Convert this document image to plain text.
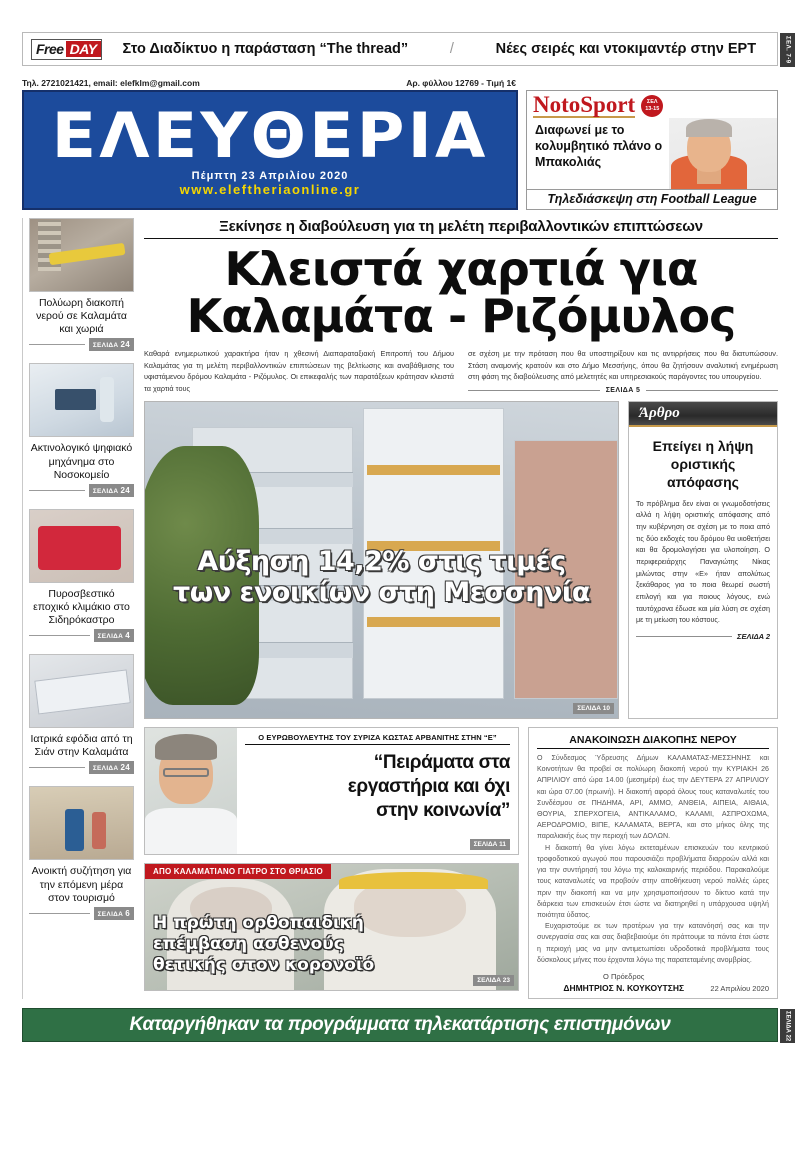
Free DAY Στο Διαδίκτυο η παράσταση “The thread”	/	Νέες σειρές και ντοκιμαντέρ στην ΕΡΤ	ΣΕΛ. 7-9
Τηλ. 2721021421, email: elefklm@gmail.com	Αρ. φύλλου 12769 - Τιμή 1€
ΕΛΕΥΘΕΡΙΑ
Πέμπτη 23 Απριλίου 2020
www.eleftheriaonline.gr
NotoSport ΣΕΛ
13-15
Διαφωνεί με το κολυμβητικό πλάνο ο Μπακολιάς
Τηλεδιάσκεψη στη Football League
Πολύωρη διακοπή νερού σε Καλαμάτα και χωριά
ΣΕΛΙΔΑ 24
Ακτινολογικό ψηφιακό μηχάνημα στο Νοσοκομείο
ΣΕΛΙΔΑ 24
Πυροσβεστικό εποχικό κλιμάκιο στο Σιδηρόκαστρο
ΣΕΛΙΔΑ 4
Ιατρικά εφόδια από τη Σιάν στην Καλαμάτα
ΣΕΛΙΔΑ 24
Ανοικτή συζήτηση για την επόμενη μέρα στον τουρισμό
ΣΕΛΙΔΑ 6
Ξεκίνησε η διαβούλευση για τη μελέτη περιβαλλοντικών επιπτώσεων
Κλειστά χαρτιά για
Καλαμάτα - Ριζόμυλος
Καθαρά ενημερωτικού χαρακτήρα ήταν η χθεσινή Διαπαραταξιακή Επιτροπή του Δήμου Καλαμάτας για τη μελέτη περιβαλλοντικών επιπτώσεων της βελτίωσης και αναβάθμισης του υφιστάμενου δρόμου Καλαμάτα - Ριζόμυλος. Οι επικεφαλής των παρατάξεων κράτησαν κλειστά τα χαρτιά τους
σε σχέση με την πρόταση που θα υποστηρίξουν και τις αντιρρήσεις που θα διατυπώσουν. Στάση αναμονής κρατούν και στο Δήμο Μεσσήνης, όπου θα ζητήσουν αναλυτική ενημέρωση στη φάση της διαβούλευσης από μελετητές και υπηρεσιακούς παράγοντες του υπουργείου.
ΣΕΛΙΔΑ 5
Αύξηση 14,2% στις τιμές
των ενοικίων στη Μεσσηνία
ΣΕΛΙΔΑ 10
Άρθρο
Επείγει η λήψη οριστικής απόφασης
Το πρόβλημα δεν είναι οι γνωμοδοτήσεις αλλά η λήψη οριστικής απόφασης από την κυβέρνηση σε σχέση με το ποια από τις δύο εκδοχές του δρόμου θα υιοθετήσει και θα δρομολογήσει για υλοποίηση. Ο περιφερειάρχης Παναγιώτης Νίκας μιλώντας στην «Ε» ήταν απολύτως ξεκάθαρος για το ποια θεωρεί σωστή επιλογή και για ποιους λόγους, ενώ ταυτόχρονα έδωσε και μία λύση σε σχέση με τη μείωση του κόστους.
ΣΕΛΙΔΑ 2
Ο ΕΥΡΩΒΟΥΛΕΥΤΗΣ ΤΟΥ ΣΥΡΙΖΑ ΚΩΣΤΑΣ ΑΡΒΑΝΙΤΗΣ ΣΤΗΝ “Ε”
“Πειράματα στα
εργαστήρια και όχι
στην κοινωνία”
ΣΕΛΙΔΑ 11
ΑΠΟ ΚΑΛΑΜΑΤΙΑΝΟ ΓΙΑΤΡΟ ΣΤΟ ΘΡΙΑΣΙΟ
Η πρώτη ορθοπαιδική
επέμβαση ασθενούς
θετικής στον κορονοϊό
ΣΕΛΙΔΑ 23
ΑΝΑΚΟΙΝΩΣΗ ΔΙΑΚΟΠΗΣ ΝΕΡΟΥ
Ο Σύνδεσμος Ύδρευσης Δήμων ΚΑΛΑΜΑΤΑΣ-ΜΕΣΣΗΝΗΣ και Κοινοτήτων θα προβεί σε πολύωρη διακοπή νερού την ΚΥΡΙΑΚΗ 26 ΑΠΡΙΛΙΟΥ από ώρα 14.00 (μεσημέρι) έως την ΔΕΥΤΕΡΑ 27 ΑΠΡΙΛΙΟΥ και ώρα 07.00 (πρωινή). Η διακοπή αφορά όλους τους καταναλωτές του Συνδέσμου σε ΠΗΔΗΜΑ, ΑΡΙ, ΑΜΜΟ, ΑΝΘΕΙΑ, ΑΙΠΕΙΑ, ΑΙΘΑΙΑ, ΘΟΥΡΙΑ, ΣΠΕΡΧΟΓΕΙΑ, ΑΝΤΙΚΑΛΑΜΟ, ΚΑΛΑΜΙ, ΑΣΠΡΟΧΩΜΑ, ΑΕΡΟΔΡΟΜΙΟ, ΒΙΠΕ, ΚΑΛΑΜΑΤΑ, ΒΕΡΓΑ, και στο μήκος όλης της παραλιακής έως την περιοχή των ΔΟΛΩΝ.
Η διακοπή θα γίνει λόγω εκτεταμένων επισκευών του κεντρικού τροφοδοτικού αγωγού που παρουσιάζει προβλήματα διαρροών αλλά και για την συντήρησή του λόγω της καλοκαιρινής περιόδου. Παρακαλούμε τους καταναλωτές να προβούν στην αποθήκευση νερού πολλές ώρες πριν την διακοπή και να μην χρησιμοποιήσουν το δίκτυο κατά την διάρκεια των επισκευών έτσι ώστε να διατηρηθεί η υπάρχουσα υψηλή ποιότητα ύδατος.
Ευχαριστούμε εκ των προτέρων για την κατανόησή σας και την συνεργασία σας και σας διαβεβαιούμε ότι πράττουμε τα πάντα έτσι ώστε η περιοχή μας να μην αντιμετωπίσει υδροδοτικά προβλήματα τους δύσκολους μήνες που έρχονται λόγω της παρατεταμένης ανομβρίας.
Ο Πρόεδρος
ΔΗΜΗΤΡΙΟΣ Ν. ΚΟΥΚΟΥΤΣΗΣ	22 Απριλίου 2020
Καταργήθηκαν τα προγράμματα τηλεκατάρτισης επιστημόνων	ΣΕΛΙΔΑ 22
